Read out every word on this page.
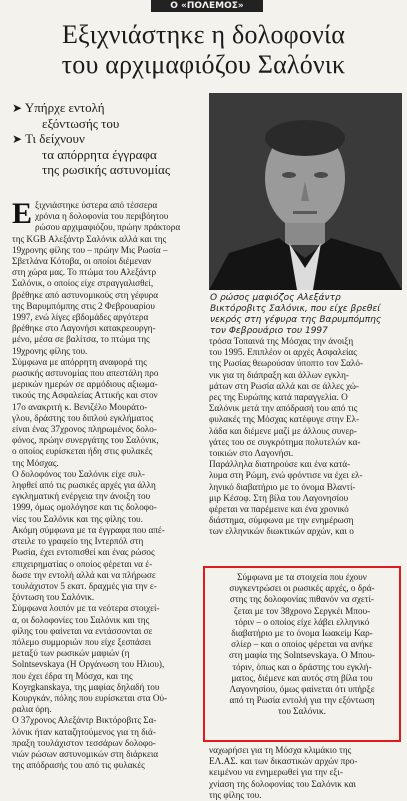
O «ΠΟΛΕΜΟΣ»
Εξιχνιάστηκε η δολοφονία
του αρχιμαφιόζου Σαλόνικ
➤ Υπήρχε εντολή
εξόντωσής του
➤ Τι δείχνουν
τα απόρρητα έγγραφα
της ρωσικής αστυνομίας
Ο ρώσος μαφιόζος Αλεξάντρ
Βικτόροβιτς Σαλόνικ, που είχε βρεθεί
νεκρός στη γέφυρα της Βαρυμπόμπης
τον Φεβρουάριο του 1997
Ε ξιχνιάστηκε ύστερα από τέσσερα
χρόνια η δολοφονία του περιβόητου
ρώσου αρχιμαφιόζου, πρώην πράκτορα
της KGB Αλεξάντρ Σαλόνικ αλλά και της
19χρονης φίλης του – πρώην Μις Ρωσία –
Σβετλάνα Κότοβα, οι οποίοι διέμεναν
στη χώρα μας. Το πτώμα του Αλεξάντρ
Σαλόνικ, ο οποίος είχε στραγγαλισθεί,
βρέθηκε από αστυνομικούς στη γέφυρα
της Βαρυμπόμπης στις 2 Φεβρουαρίου
1997, ενώ λίγες εβδομάδες αργότερα
βρέθηκε στο Λαγονήσι κατακρεουργη-
μένο, μέσα σε βαλίτσα, το πτώμα της
19χρονης φίλης του.
Σύμφωνα με απόρρητη αναφορά της
ρωσικής αστυνομίας που απεστάλη προ
μερικών ημερών σε αρμόδιους αξιωμα-
τικούς της Ασφαλείας Αττικής και στον
17ο ανακριτή κ. Βενιζέλο Μουράτο-
γλου, δράστης του διπλού εγκλήματος
είναι ένας 37χρονος πληρωμένος δολο-
φόνος, πρώην συνεργάτης του Σαλόνικ,
ο οποίος ευρίσκεται ήδη στις φυλακές
της Μόσχας.
Ο δολοφόνος του Σαλόνικ είχε συλ-
ληφθεί από τις ρωσικές αρχές για άλλη
εγκληματική ενέργεια την άνοιξη του
1999, όμως ομολόγησε και τις δολοφο-
νίες του Σαλόνικ και της φίλης του.
Ακόμη σύμφωνα με τα έγγραφα που απέ-
στειλε το γραφείο της Ιντερπόλ στη
Ρωσία, έχει εντοπισθεί και ένας ρώσος
επιχειρηματίας ο οποίος φέρεται να έ-
δωσε την εντολή αλλά και να πλήρωσε
τουλάχιστον 5 εκατ. δραχμές για την ε-
ξόντωση του Σαλόνικ.
Σύμφωνα λοιπόν με τα νεότερα στοιχεί-
α, οι δολοφονίες του Σαλόνικ και της
φίλης του φαίνεται να εντάσσονται σε
πόλεμο συμμοριών που είχε ξεσπάσει
μεταξύ των ρωσικών μαφιών (η
Solntsevskaya (Η Οργάνωση του Ηλιου),
που έχει έδρα τη Μόσχα, και της
Koyrgkanskaya, της μαφίας δηλαδή του
Κουργκάν, πόλης που ευρίσκεται στα Ού-
ραλια όρη.
Ο 37χρονος Αλεξάντρ Βικτόροβιτς Σα-
λόνικ ήταν καταζητούμενος για τη διά-
πραξη τουλάχιστον τεσσάρων δολοφο-
νιών ρώσων αστυνομικών στη διάρκεια
της απόδρασής του από τις φυλακές
τρόσα Τοπαινά της Μόσχας την άνοιξη
του 1995. Επιπλέον οι αρχές Ασφαλείας
της Ρωσίας θεωρούσαν ύποπτο τον Σαλό-
νικ για τη διάπραξη και άλλων εγκλη-
μάτων στη Ρωσία αλλά και σε άλλες χώ-
ρες της Ευρώπης κατά παραγγελία. Ο
Σαλόνικ μετά την απόδρασή του από τις
φυλακές της Μόσχας κατέφυγε στην Ελ-
λάδα και διέμενε μαζί με άλλους συνερ-
γάτες του σε συγκρότημα πολυτελών κα-
τοικιών στο Λαγονήσι.
Παράλληλα διατηρούσε και ένα κατά-
λυμα στη Ρώμη, ενώ φρόντισε να έχει ελ-
ληνικό διαβατήριο με το όνομα Βλαντί-
μιρ Κέσοφ. Στη βίλα του Λαγονησίου
φέρεται να παρέμεινε και ένα χρονικό
διάστημα, σύμφωνα με την ενημέρωση
των ελληνικών διωκτικών αρχών, και ο
Σύμφωνα με τα στοιχεία που έχουν
συγκεντρώσει οι ρωσικές αρχές, ο δρά-
στης της δολοφονίας πιθανόν να σχετί-
ζεται με τον 38χρονο Σεργκέι Μπου-
τόριν – ο οποίος είχε λάβει ελληνικό
διαβατήριο με το όνομα Ιωακείμ Καρ-
σλίερ – και ο οποίος φέρεται να ανήκε
στη μαφία της Solntsevskaya. Ο Μπου-
τόριν, όπως και ο δράστης του εγκλή-
ματος, διέμενε και αυτός στη βίλα του
Λαγονησίου, όμως φαίνεται ότι υπήρξε
από τη Ρωσία εντολή για την εξόντωση
του Σαλόνικ.
ναχωρήσει για τη Μόσχα κλιμάκιο της
ΕΛ.ΑΣ. και των δικαστικών αρχών προ-
κειμένου να ενημερωθεί για την εξι-
χνίαση της δολοφονίας του Σαλόνικ και
της φίλης του.
